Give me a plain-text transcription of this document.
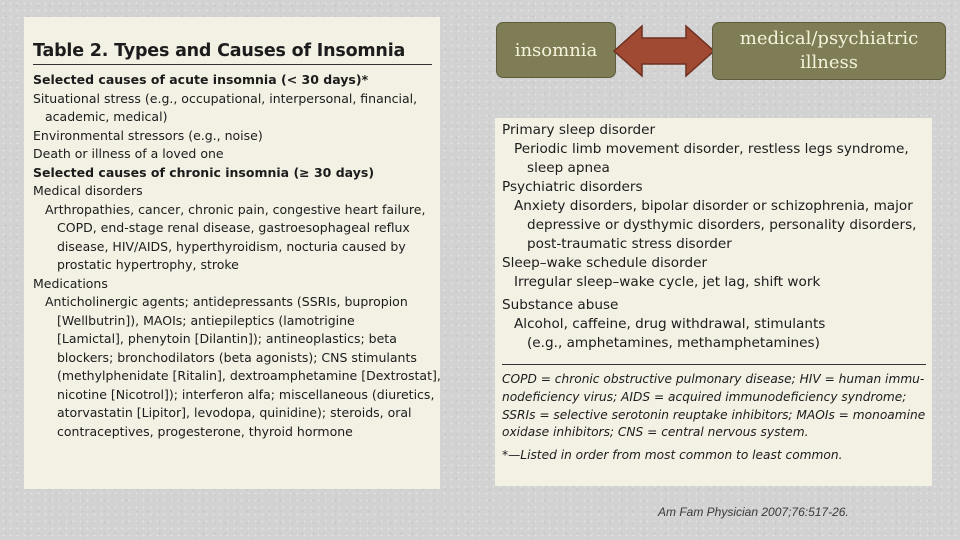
Table 2. Types and Causes of Insomnia
Selected causes of acute insomnia (< 30 days)*
Situational stress (e.g., occupational, interpersonal, financial,
academic, medical)
Environmental stressors (e.g., noise)
Death or illness of a loved one
Selected causes of chronic insomnia (≥ 30 days)
Medical disorders
Arthropathies, cancer, chronic pain, congestive heart failure,
COPD, end-stage renal disease, gastroesophageal reflux
disease, HIV/AIDS, hyperthyroidism, nocturia caused by
prostatic hypertrophy, stroke
Medications
Anticholinergic agents; antidepressants (SSRIs, bupropion
[Wellbutrin]), MAOIs; antiepileptics (lamotrigine
[Lamictal], phenytoin [Dilantin]); antineoplastics; beta
blockers; bronchodilators (beta agonists); CNS stimulants
(methylphenidate [Ritalin], dextroamphetamine [Dextrostat],
nicotine [Nicotrol]); interferon alfa; miscellaneous (diuretics,
atorvastatin [Lipitor], levodopa, quinidine); steroids, oral
contraceptives, progesterone, thyroid hormone
insomnia
medical/psychiatric
illness
Primary sleep disorder
Periodic limb movement disorder, restless legs syndrome,
sleep apnea
Psychiatric disorders
Anxiety disorders, bipolar disorder or schizophrenia, major
depressive or dysthymic disorders, personality disorders,
post-traumatic stress disorder
Sleep–wake schedule disorder
Irregular sleep–wake cycle, jet lag, shift work
Substance abuse
Alcohol, caffeine, drug withdrawal, stimulants
(e.g., amphetamines, methamphetamines)
COPD = chronic obstructive pulmonary disease; HIV = human immu-
nodeficiency virus; AIDS = acquired immunodeficiency syndrome;
SSRIs = selective serotonin reuptake inhibitors; MAOIs = monoamine
oxidase inhibitors; CNS = central nervous system.
*—Listed in order from most common to least common.
Am Fam Physician 2007;76:517-26.
